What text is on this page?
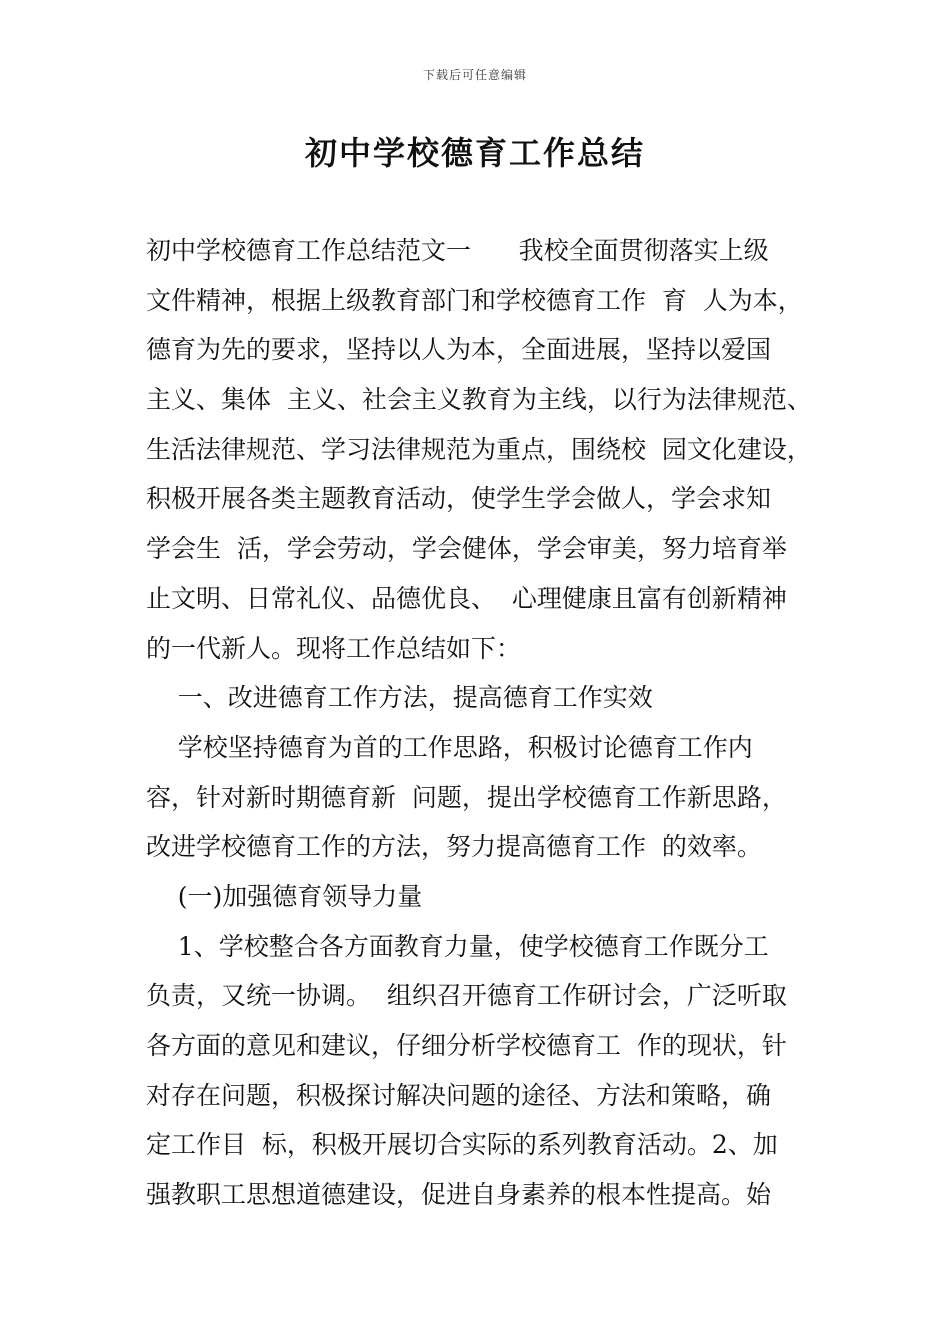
下载后可任意编辑
初中学校德育工作总结
初中学校德育工作总结范文一      我校全面贯彻落实上级
文件精神，根据上级教育部门和学校德育工作  育  人为本，
德育为先的要求，坚持以人为本，全面进展，坚持以爱国
主义、集体  主义、社会主义教育为主线，以行为法律规范、
生活法律规范、学习法律规范为重点，围绕校  园文化建设，
积极开展各类主题教育活动，使学生学会做人，学会求知
学会生  活，学会劳动，学会健体，学会审美，努力培育举
止文明、日常礼仪、品德优良、  心理健康且富有创新精神
的一代新人。现将工作总结如下：
一、改进德育工作方法，提高德育工作实效
学校坚持德育为首的工作思路，积极讨论德育工作内
容，针对新时期德育新  问题，提出学校德育工作新思路，
改进学校德育工作的方法，努力提高德育工作  的效率。
(一)加强德育领导力量
1、学校整合各方面教育力量，使学校德育工作既分工
负责，又统一协调。  组织召开德育工作研讨会，广泛听取
各方面的意见和建议，仔细分析学校德育工  作的现状，针
对存在问题，积极探讨解决问题的途径、方法和策略，确
定工作目  标，积极开展切合实际的系列教育活动。2、加
强教职工思想道德建设，促进自身素养的根本性提高。始
